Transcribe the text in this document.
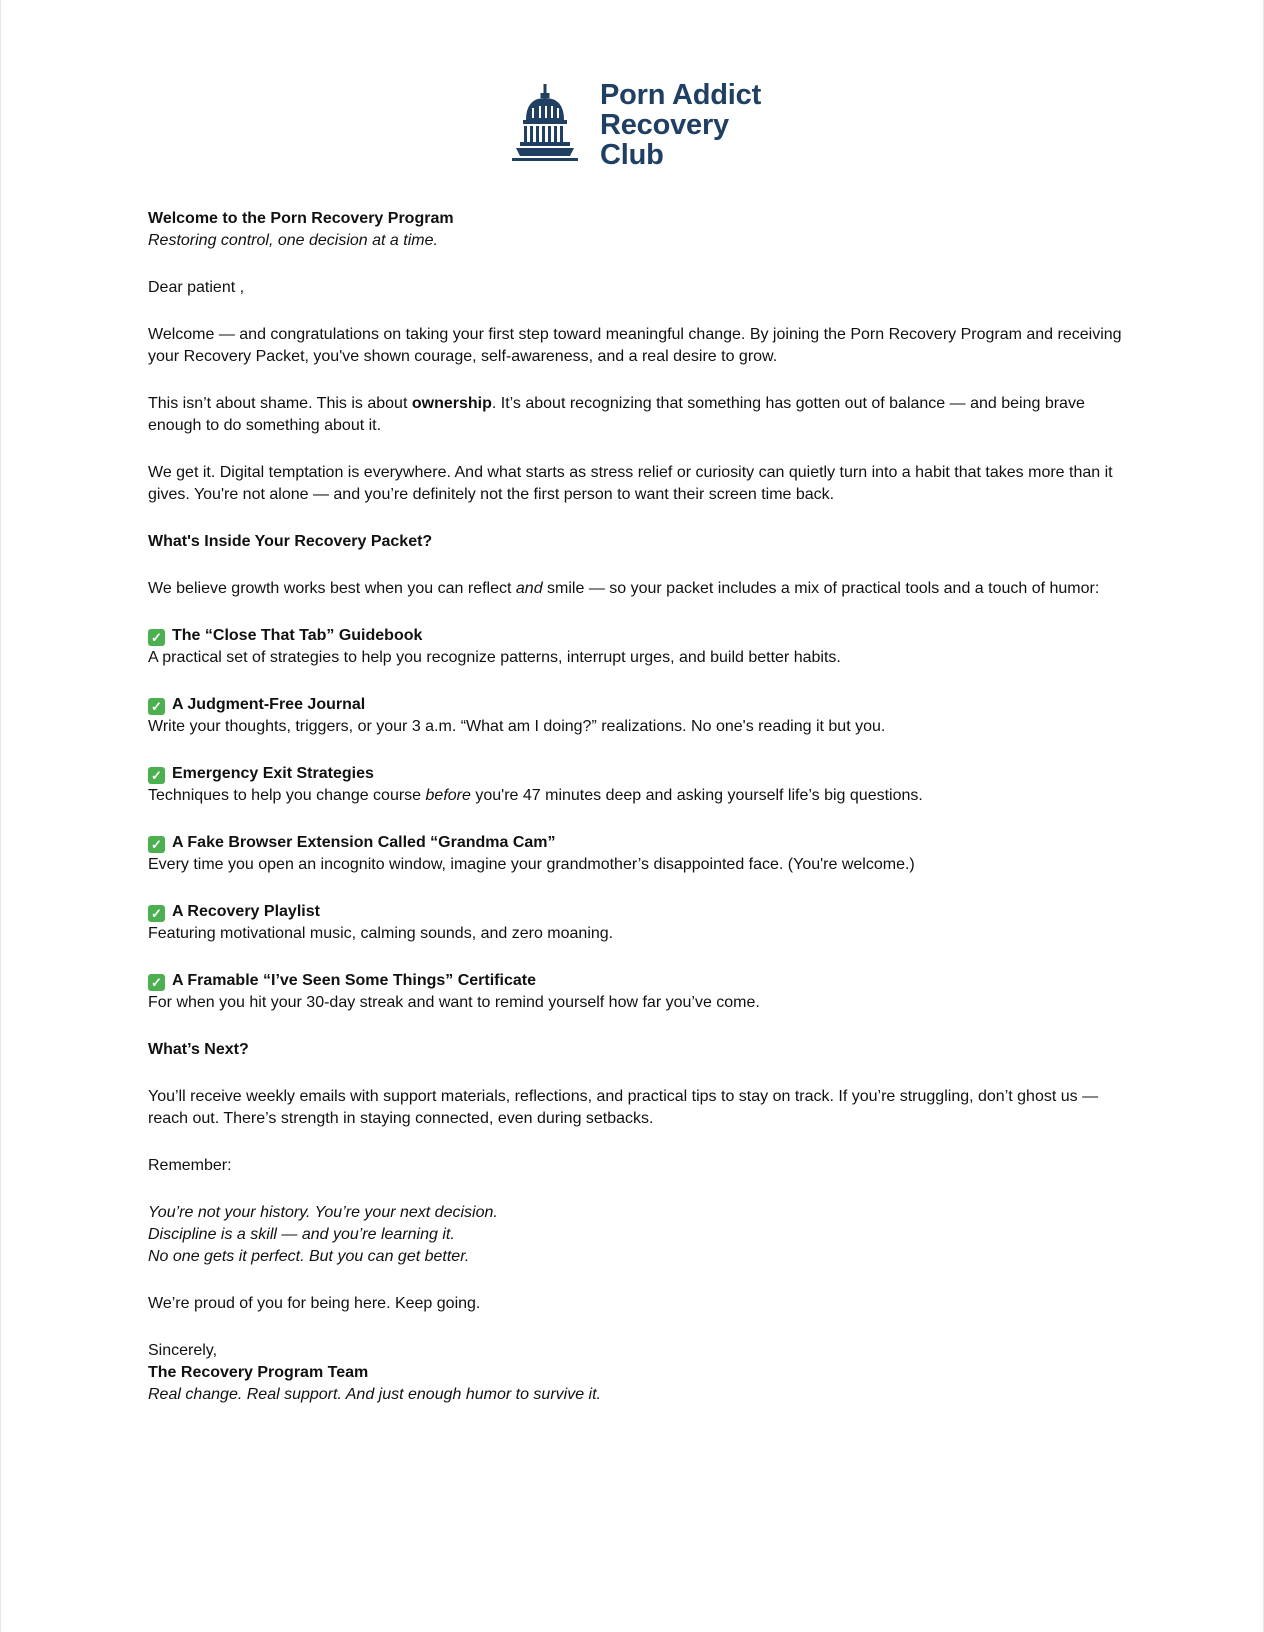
Porn Addict
Recovery
Club

Welcome to the Porn Recovery Program

Restoring control, one decision at a time.

Dear patient ,

Welcome — and congratulations on taking your first step toward meaningful change. By joining the Porn Recovery Program and receiving your Recovery Packet, you've shown courage, self-awareness, and a real desire to grow.

This isn’t about shame. This is about ownership. It’s about recognizing that something has gotten out of balance — and being brave enough to do something about it.

We get it. Digital temptation is everywhere. And what starts as stress relief or curiosity can quietly turn into a habit that takes more than it gives. You're not alone — and you’re definitely not the first person to want their screen time back.

What's Inside Your Recovery Packet?

We believe growth works best when you can reflect and smile — so your packet includes a mix of practical tools and a touch of humor:

✓ The “Close That Tab” Guidebook

A practical set of strategies to help you recognize patterns, interrupt urges, and build better habits.

✓ A Judgment-Free Journal

Write your thoughts, triggers, or your 3 a.m. “What am I doing?” realizations. No one's reading it but you.

✓ Emergency Exit Strategies

Techniques to help you change course before you're 47 minutes deep and asking yourself life’s big questions.

✓ A Fake Browser Extension Called “Grandma Cam”

Every time you open an incognito window, imagine your grandmother’s disappointed face. (You're welcome.)

✓ A Recovery Playlist

Featuring motivational music, calming sounds, and zero moaning.

✓ A Framable “I’ve Seen Some Things” Certificate

For when you hit your 30-day streak and want to remind yourself how far you’ve come.

What’s Next?

You’ll receive weekly emails with support materials, reflections, and practical tips to stay on track. If you’re struggling, don’t ghost us — reach out. There’s strength in staying connected, even during setbacks.

Remember:

You’re not your history. You’re your next decision.

Discipline is a skill — and you’re learning it.

No one gets it perfect. But you can get better.

We’re proud of you for being here. Keep going.

Sincerely,

The Recovery Program Team

Real change. Real support. And just enough humor to survive it.
